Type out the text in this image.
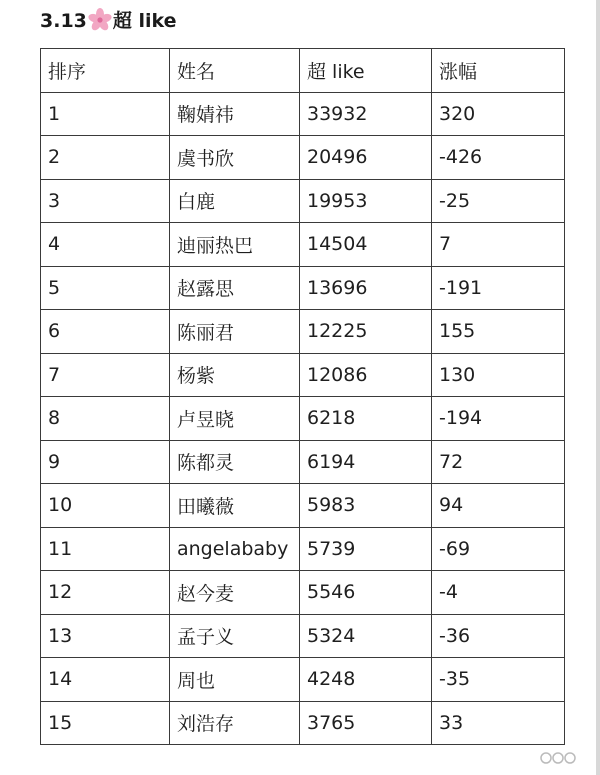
3.13 超 like
排序	姓名	超 like	涨幅
1	鞠婧祎	33932	320
2	虞书欣	20496	-426
3	白鹿	19953	-25
4	迪丽热巴	14504	7
5	赵露思	13696	-191
6	陈丽君	12225	155
7	杨紫	12086	130
8	卢昱晓	6218	-194
9	陈都灵	6194	72
10	田曦薇	5983	94
11	angelababy	5739	-69
12	赵今麦	5546	-4
13	孟子义	5324	-36
14	周也	4248	-35
15	刘浩存	3765	33
